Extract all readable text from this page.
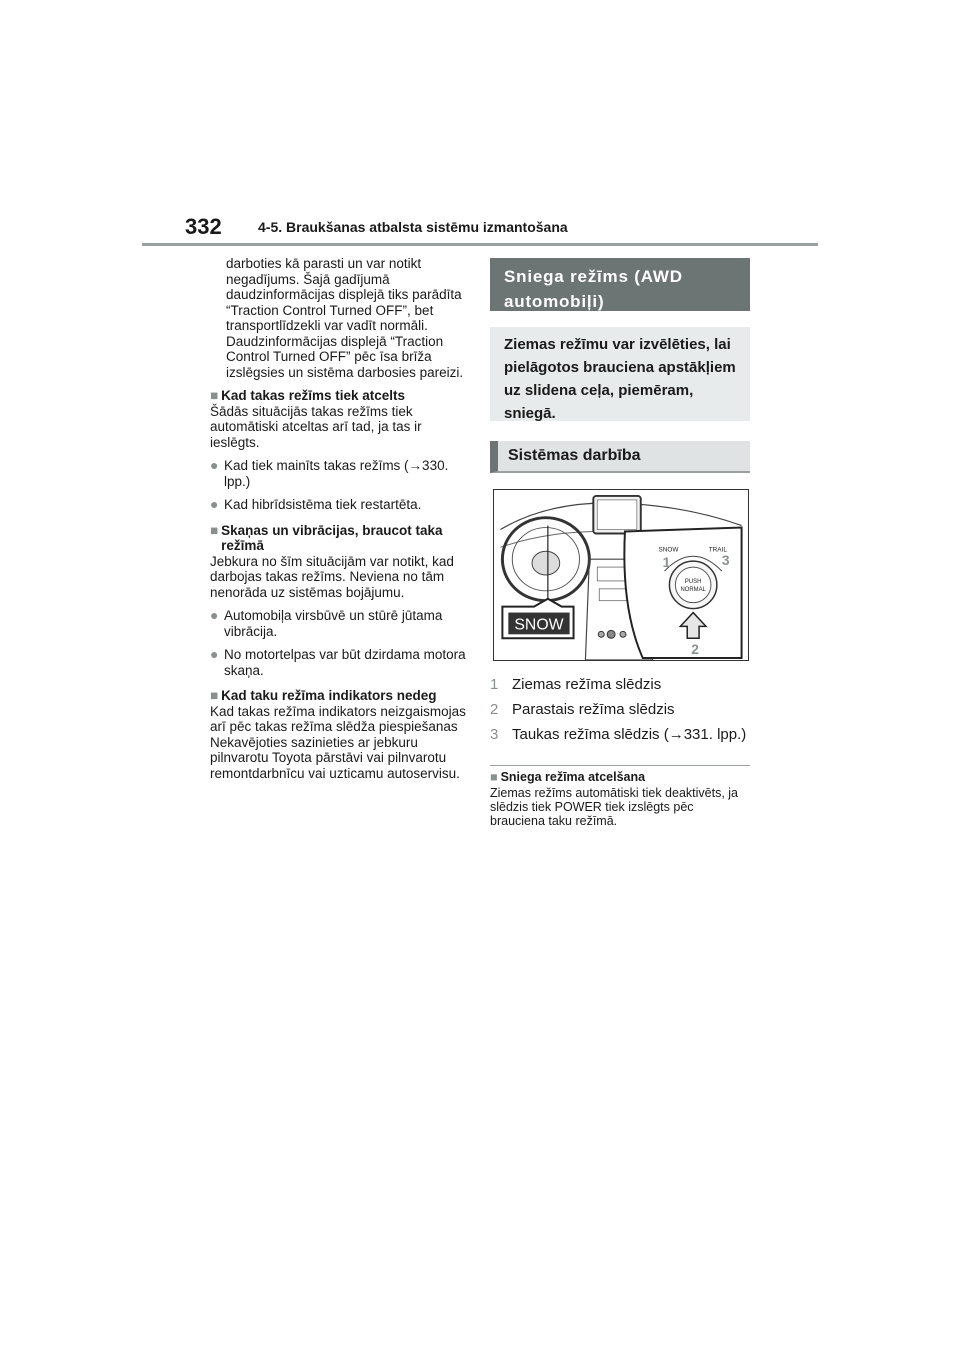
332	4-5. Braukšanas atbalsta sistēmu izmantošana

darboties kā parasti un var notikt negadījums. Šajā gadījumā daudzinformācijas displejā tiks parādīta “Traction Control Turned OFF”, bet transportlīdzekli var vadīt normāli.

Daudzinformācijas displejā “Traction Control Turned OFF” pēc īsa brīža izslēgsies un sistēma darbosies pareizi.

■ Kad takas režīms tiek atcelts

Šādās situācijās takas režīms tiek automātiski atceltas arī tad, ja tas ir ieslēgts.

● Kad tiek mainīts takas režīms (→330. lpp.)
● Kad hibrīdsistēma tiek restartēta.
■ Skaņas un vibrācijas, braucot taka režīmā

Jebkura no šīm situācijām var notikt, kad darbojas takas režīms. Neviena no tām nenorāda uz sistēmas bojājumu.

● Automobiļa virsbūvē un stūrē jūtama vibrācija.
● No motortelpas var būt dzirdama motora skaņa.
■ Kad taku režīma indikators nedeg

Kad takas režīma indikators neizgaismojas arī pēc takas režīma slēdža piespiešanas Nekavējoties sazinieties ar jebkuru pilnvarotu Toyota pārstāvi vai pilnvarotu remontdarbnīcu vai uzticamu autoservisu.

Sniega režīms (AWD automobiļi)
Ziemas režīmu var izvēlēties, lai pielāgotos brauciena apstākļiem uz slidena ceļa, piemēram, sniegā.
Sistēmas darbība
SNOW
SNOW	TRAIL
1	3
PUSH
NORMAL
2
1 Ziemas režīma slēdzis
2 Parastais režīma slēdzis
3 Taukas režīma slēdzis (→331. lpp.)
■ Sniega režīma atcelšana
Ziemas režīms automātiski tiek deaktivēts, ja slēdzis tiek POWER tiek izslēgts pēc brauciena taku režīmā.
